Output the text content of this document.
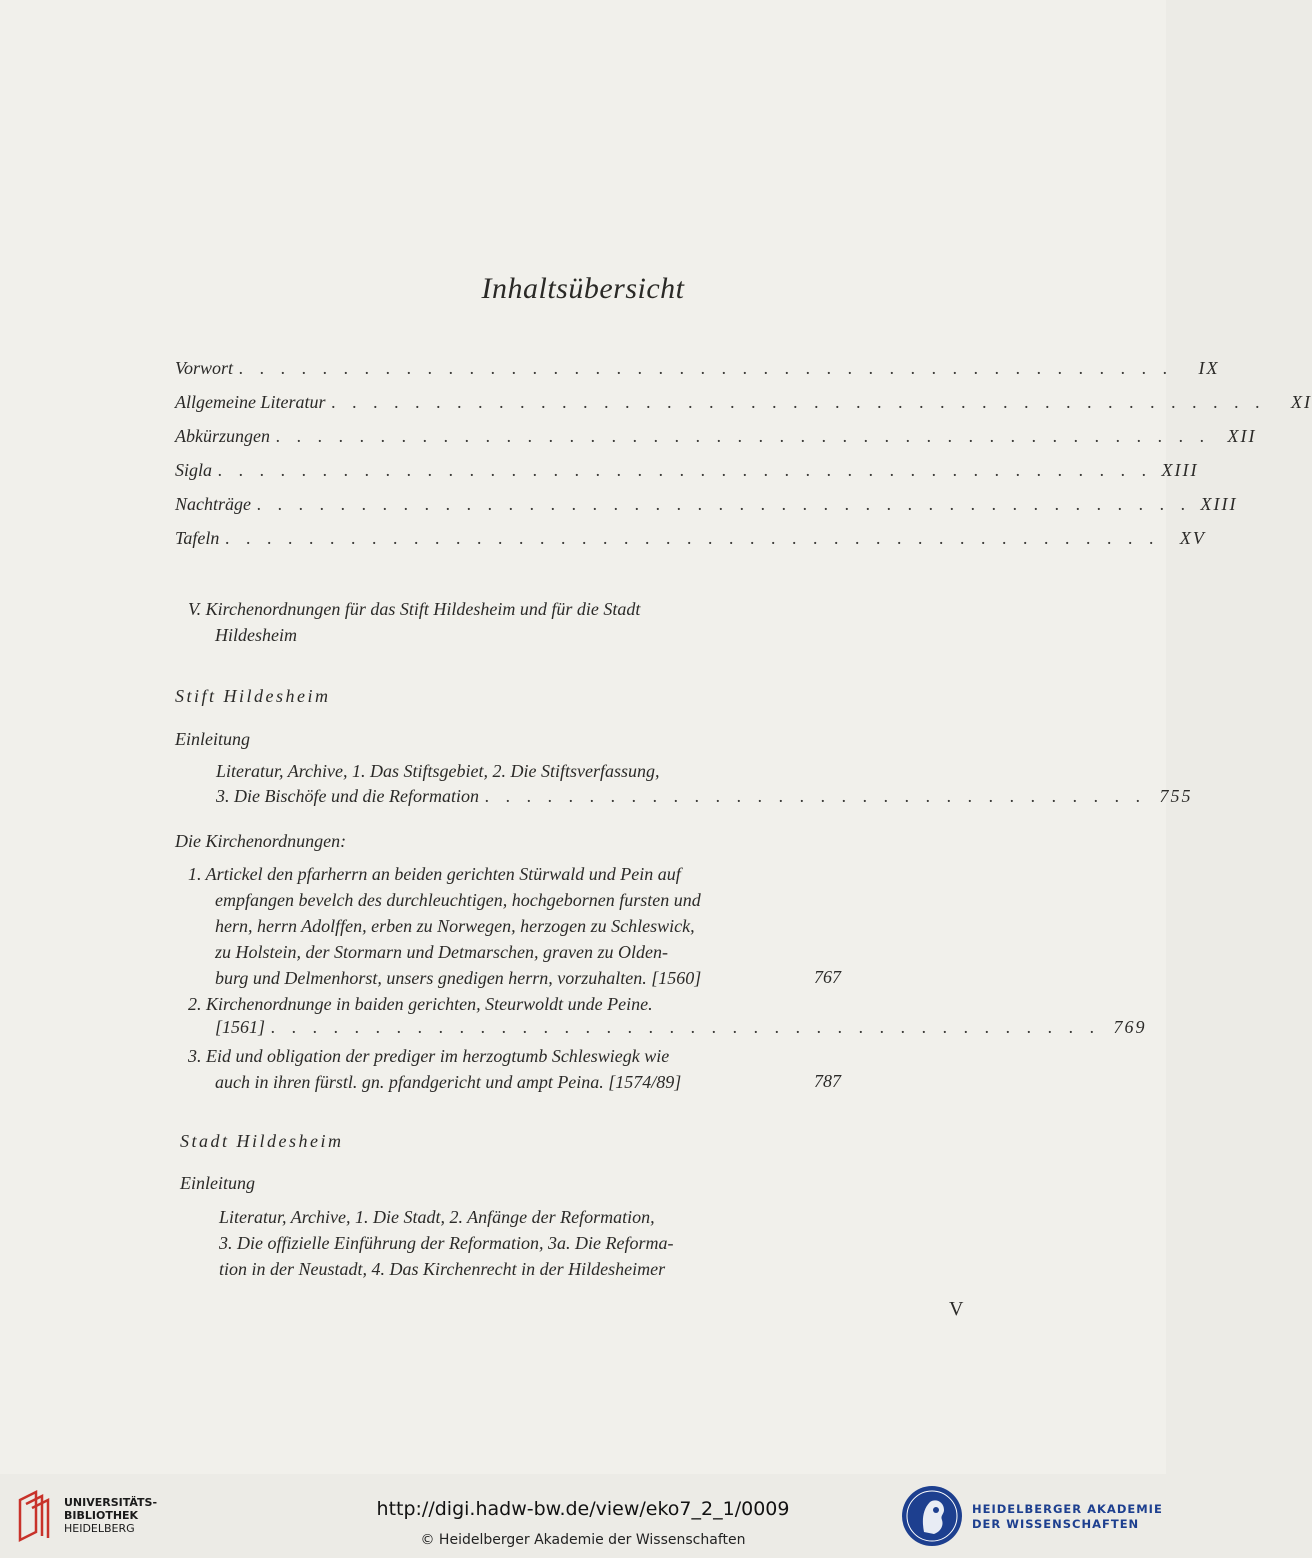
Inhaltsübersicht
Vorwort . . . . . . . . . . . . . . . . . . . . . . . . . . . . . . . . . . . . . . . . . . . . .	IX
Allgemeine Literatur . . . . . . . . . . . . . . . . . . . . . . . . . . . . . . . . . . . . . . . . . . . . .	XI
Abkürzungen . . . . . . . . . . . . . . . . . . . . . . . . . . . . . . . . . . . . . . . . . . . . . XII
Sigla . . . . . . . . . . . . . . . . . . . . . . . . . . . . . . . . . . . . . . . . . . . . . XIII
Nachträge . . . . . . . . . . . . . . . . . . . . . . . . . . . . . . . . . . . . . . . . . . . . . XIII
Tafeln . . . . . . . . . . . . . . . . . . . . . . . . . . . . . . . . . . . . . . . . . . . . .	XV
V. Kirchenordnungen für das Stift Hildesheim und für die Stadt
Hildesheim
Stift Hildesheim
Einleitung
Literatur, Archive, 1. Das Stiftsgebiet, 2. Die Stiftsverfassung,
3. Die Bischöfe und die Reformation . . . . . . . . . . . . . . . . . . . . . . . . . . . . . . . . 755
Die Kirchenordnungen:
1. Artickel den pfarherrn an beiden gerichten Stürwald und Pein auf
empfangen bevelch des durchleuchtigen, hochgebornen fursten und
hern, herrn Adolffen, erben zu Norwegen, herzogen zu Schleswick,
zu Holstein, der Stormarn und Detmarschen, graven zu Olden-
burg und Delmenhorst, unsers gnedigen herrn, vorzuhalten. [1560]	767
2. Kirchenordnunge in baiden gerichten, Steurwoldt unde Peine.
[1561] . . . . . . . . . . . . . . . . . . . . . . . . . . . . . . . . . . . . . . . . 769
3. Eid und obligation der prediger im herzogtumb Schleswiegk wie
auch in ihren fürstl. gn. pfandgericht und ampt Peina. [1574/89]	787
Stadt Hildesheim
Einleitung
Literatur, Archive, 1. Die Stadt, 2. Anfänge der Reformation,
3. Die offizielle Einführung der Reformation, 3a. Die Reforma-
tion in der Neustadt, 4. Das Kirchenrecht in der Hildesheimer
V
UNIVERSITÄTS-
BIBLIOTHEK
HEIDELBERG
http://digi.hadw-bw.de/view/eko7_2_1/0009
© Heidelberger Akademie der Wissenschaften
HEIDELBERGER AKADEMIE
DER WISSENSCHAFTEN
